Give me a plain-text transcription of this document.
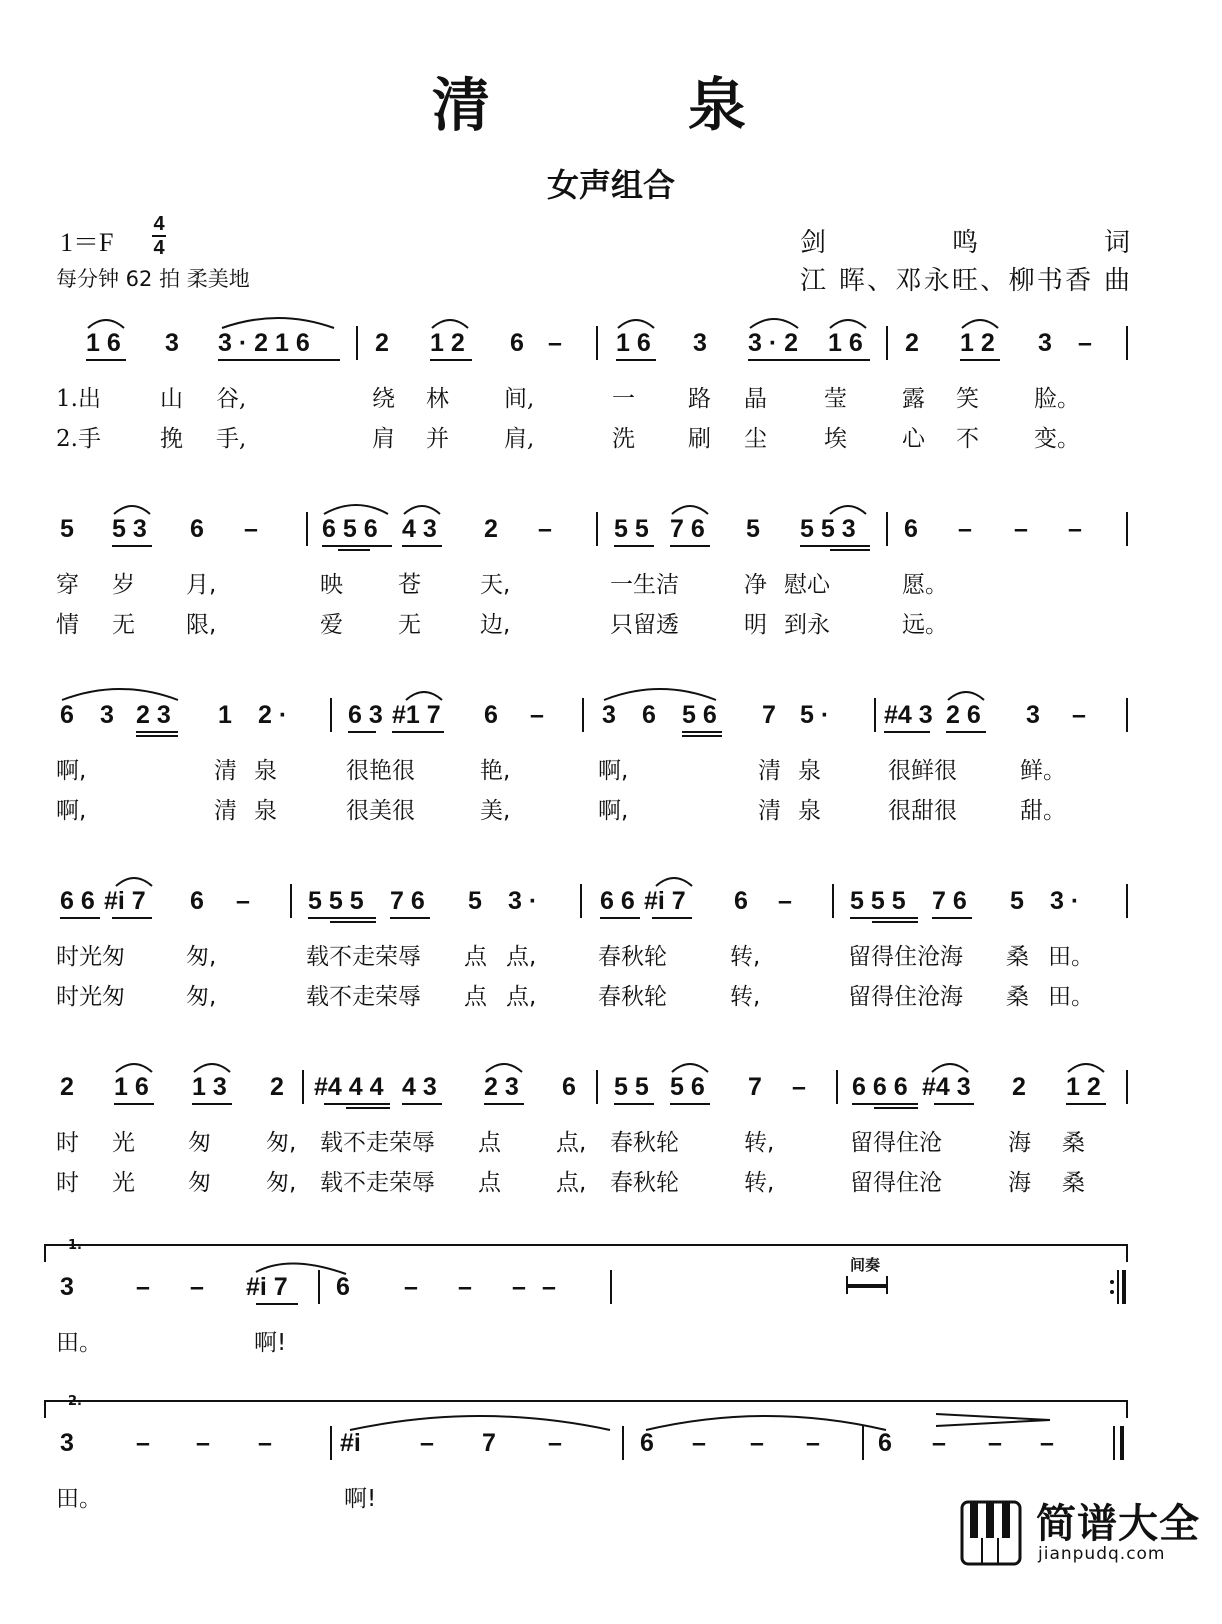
清	泉
女声组合
1＝F
4
4
每分钟 62 拍 柔美地
剑 鸣 词
江 晖、邓永旺、柳书香 曲
1 6 3 3 · 2 1 6	2 1 2 6 – 1 6 3 3 · 2 1 6 2 1 2 3 –
1.出	山 谷,	绕 林 间,	一 路 晶 莹 露 笑 脸。
2.手	挽 手,	肩 并 肩,	洗 刷 尘 埃 心 不 变。
5 5 3 6 –	6 5 6 4 3 2 – 5 5 7 6 5 5 5 3 6 – – –
穿 岁 月,	映 苍	天,	一生洁	净 慰心	愿。
情 无 限,	爱 无	边,	只留透	明 到永	远。
6 3 2 3 1 2 · 6 3 #1 7 6 – 3 6 5 6 7 5 · #4 3 2 6 3 –
啊,	清 泉	很艳很	艳,	啊,	清 泉	很鲜很	鲜。
啊,	清 泉	很美很	美,	啊,	清 泉	很甜很	甜。
6 6 #i 7 6 – 5 5 5 7 6 5 3 ·	6 6 #i 7 6 – 5 5 5 7 6 5 3 ·
时光匆	匆,	载不走荣辱 点 点,	春秋轮	转,	留得住沧海 桑 田。
时光匆	匆,	载不走荣辱 点 点,	春秋轮	转,	留得住沧海 桑 田。
2 1 6 1 3 2 #4 4 4 4 3 2 3 6 5 5 5 6 7 – 6 6 6 #4 3 2 1 2
时 光 匆 匆, 载不走荣辱 点 点, 春秋轮	转,	留得住沧	海 桑
时 光 匆 匆, 载不走荣辱 点 点, 春秋轮	转,	留得住沧	海 桑
1.
3 – – #i 7 6 – – – –
间奏
田。	啊!
2.
3 – – –	#i – 7 –	6 – – – 6 – – –
田。	啊!
简谱大全
jianpudq.com
